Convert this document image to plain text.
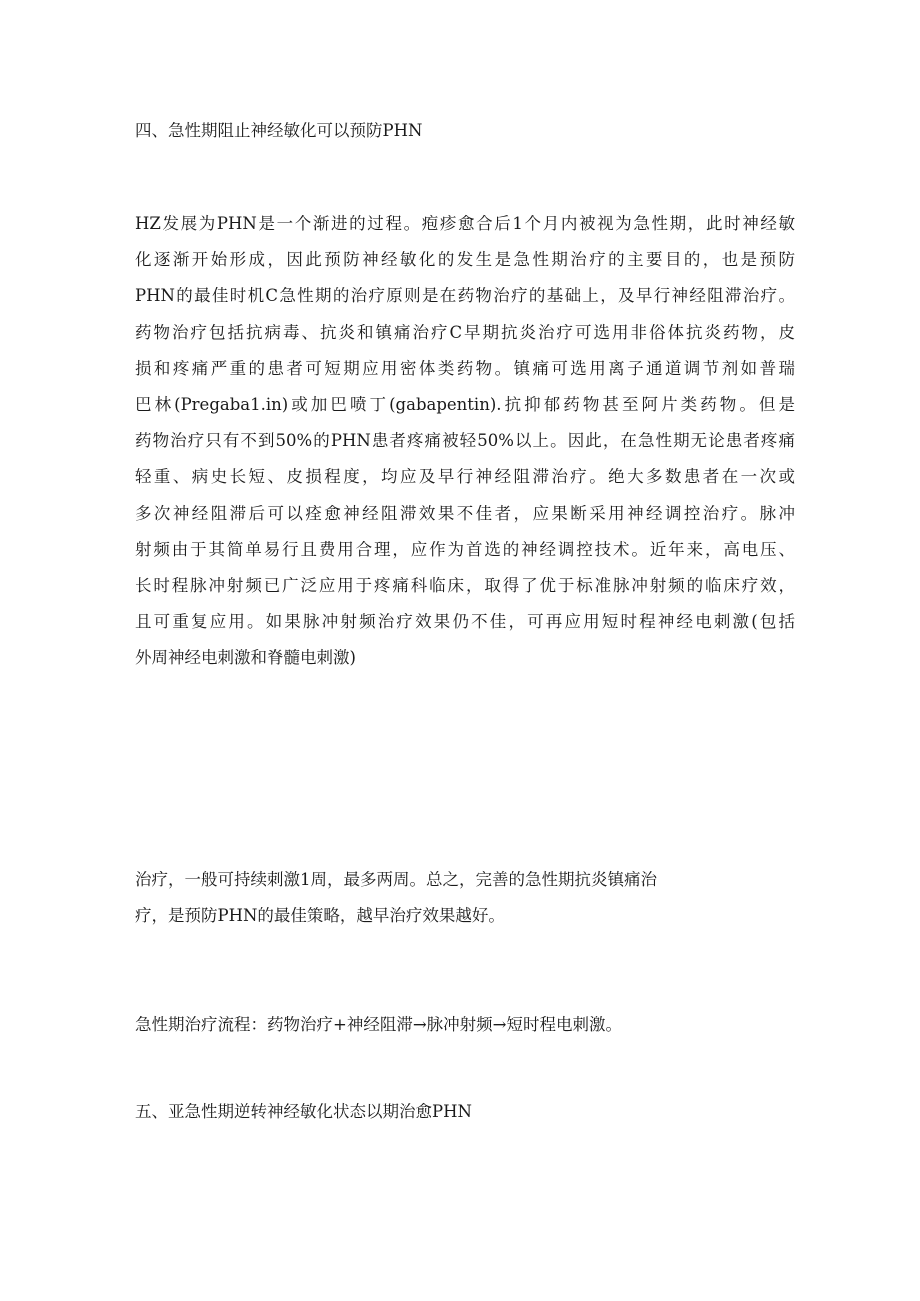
四、急性期阻止神经敏化可以预防PHN
HZ发展为PHN是一个渐进的过程。疱疹愈合后1个月内被视为急性期，此时神经敏
化逐渐开始形成，因此预防神经敏化的发生是急性期治疗的主要目的，也是预防
PHN的最佳时机C急性期的治疗原则是在药物治疗的基础上，及早行神经阻滞治疗。
药物治疗包括抗病毒、抗炎和镇痛治疗C早期抗炎治疗可选用非俗体抗炎药物，皮
损和疼痛严重的患者可短期应用密体类药物。镇痛可选用离子通道调节剂如普瑞
巴林(Pregaba1.in)或加巴喷丁(gabapentin).抗抑郁药物甚至阿片类药物。但是
药物治疗只有不到50%的PHN患者疼痛被轻50%以上。因此，在急性期无论患者疼痛
轻重、病史长短、皮损程度，均应及早行神经阻滞治疗。绝大多数患者在一次或
多次神经阻滞后可以痊愈神经阻滞效果不佳者，应果断采用神经调控治疗。脉冲
射频由于其简单易行且费用合理，应作为首选的神经调控技术。近年来，高电压、
长时程脉冲射频已广泛应用于疼痛科临床，取得了优于标准脉冲射频的临床疗效，
且可重复应用。如果脉冲射频治疗效果仍不佳，可再应用短时程神经电刺激(包括
外周神经电刺激和脊髓电刺激)
治疗，一般可持续刺激1周，最多两周。总之，完善的急性期抗炎镇痛治
疗，是预防PHN的最佳策略，越早治疗效果越好。
急性期治疗流程：药物治疗+神经阻滞→脉冲射频→短时程电刺激。
五、亚急性期逆转神经敏化状态以期治愈PHN
